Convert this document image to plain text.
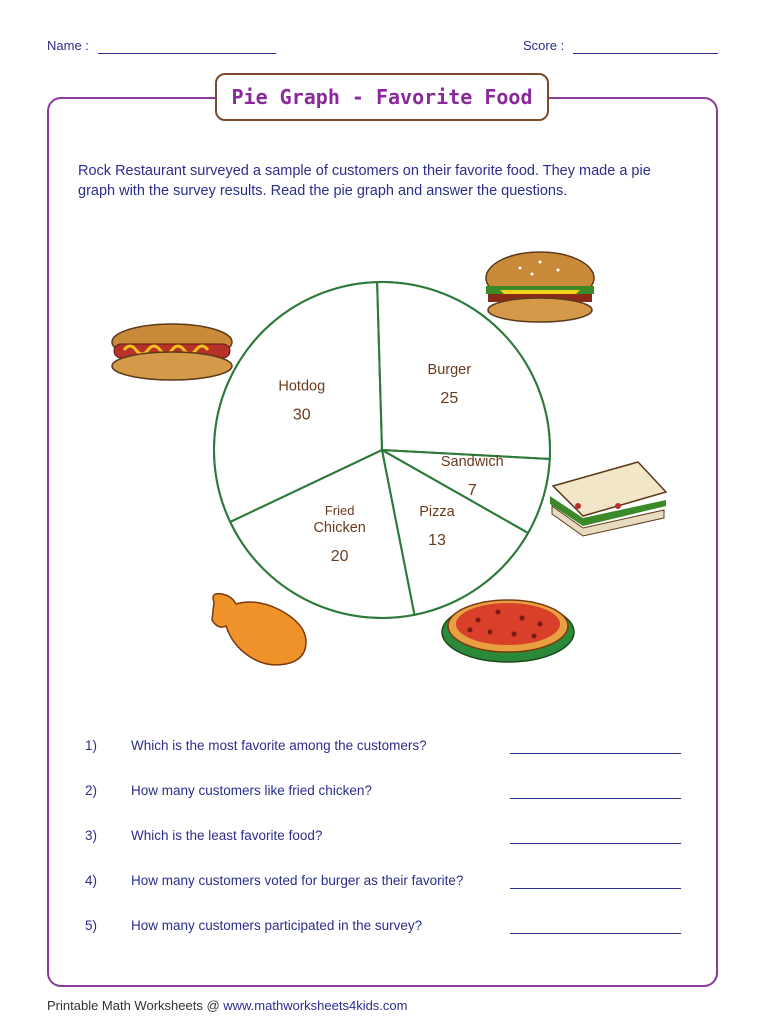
Name :	Score :
Pie Graph - Favorite Food
Rock Restaurant surveyed a sample of customers on their favorite food. They made a pie graph with the survey results. Read the pie graph and answer the questions.
Burger
25
Sandwich
7
Pizza
13
Fried
Chicken
20
Hotdog
30
1)	Which is the most favorite among the customers?
2)	How many customers like fried chicken?
3)	Which is the least favorite food?
4)	How many customers voted for burger as their favorite?
5)	How many customers participated in the survey?
Printable Math Worksheets @ www.mathworksheets4kids.com
